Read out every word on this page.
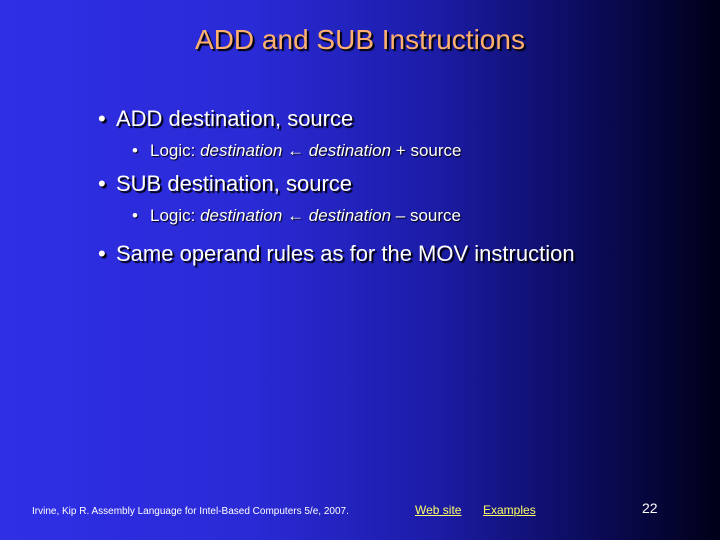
ADD and SUB Instructions
• ADD destination, source
• Logic: destination ← destination + source
• SUB destination, source
• Logic: destination ← destination – source
• Same operand rules as for the MOV instruction
Irvine, Kip R. Assembly Language for Intel-Based Computers 5/e, 2007.	Web site Examples	22
